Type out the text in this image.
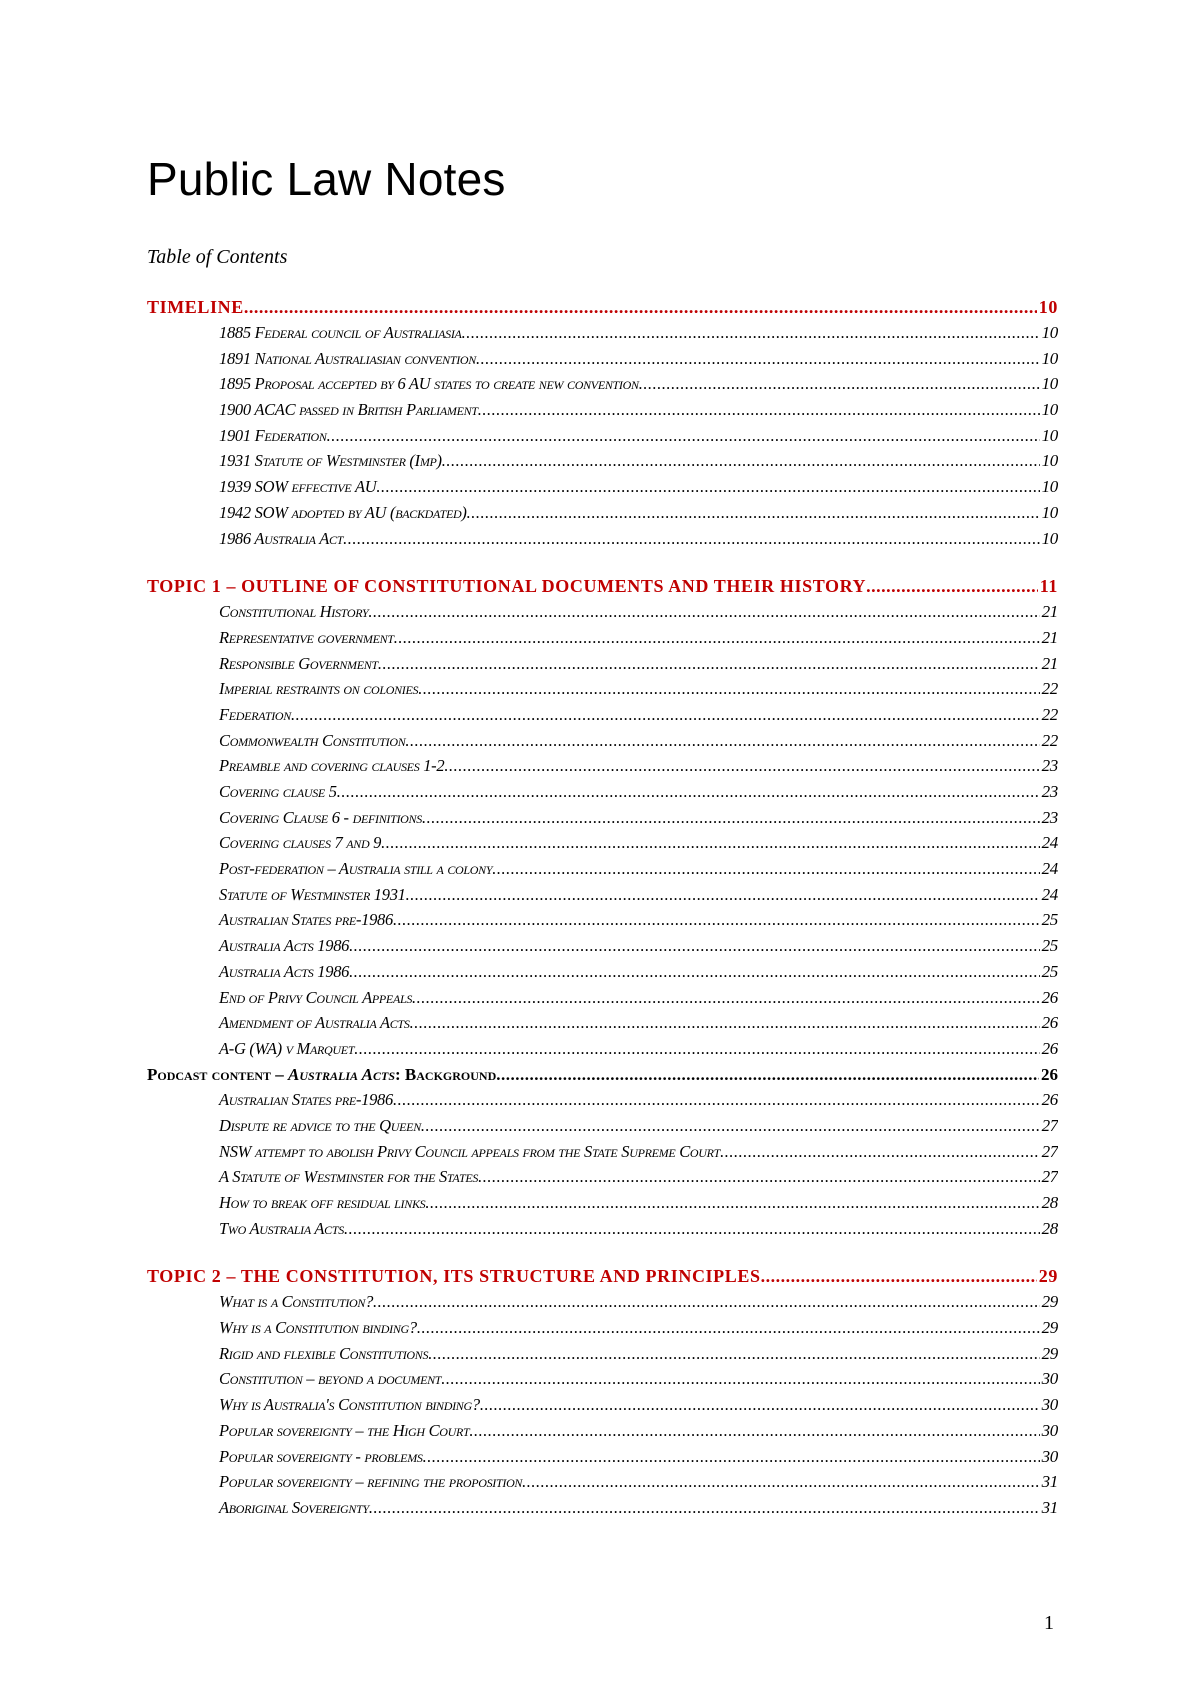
Public Law Notes
Table of Contents
TIMELINE .....	10
1885 Federal council of Australiasia .....	10
1891 National Australiasian convention .....	10
1895 Proposal accepted by 6 AU states to create new convention .....	10
1900 ACAC passed in British Parliament .....	10
1901 Federation .....	10
1931 Statute of Westminster (Imp) .....	10
1939 SOW effective AU .....	10
1942 SOW adopted by AU (backdated) .....	10
1986 Australia Act .....	10
TOPIC 1 – OUTLINE OF CONSTITUTIONAL DOCUMENTS AND THEIR HISTORY .....	11
Constitutional History .....	21
Representative government .....	21
Responsible Government .....	21
Imperial restraints on colonies .....	22
Federation .....	22
Commonwealth Constitution .....	22
Preamble and covering clauses 1-2 .....	23
Covering clause 5 .....	23
Covering Clause 6 - definitions .....	23
Covering clauses 7 and 9 .....	24
Post-federation – Australia still a colony .....	24
Statute of Westminster 1931 .....	24
Australian States pre-1986 .....	25
Australia Acts 1986 .....	25
Australia Acts 1986 .....	25
End of Privy Council Appeals .....	26
Amendment of Australia Acts .....	26
A-G (WA) v Marquet .....	26
Podcast content – Australia Acts: Background .....	26
Australian States pre-1986 .....	26
Dispute re advice to the Queen .....	27
NSW attempt to abolish Privy Council appeals from the State Supreme Court .....	27
A Statute of Westminster for the States .....	27
How to break off residual links .....	28
Two Australia Acts .....	28
TOPIC 2 – THE CONSTITUTION, ITS STRUCTURE AND PRINCIPLES .....	29
What is a Constitution? .....	29
Why is a Constitution binding? .....	29
Rigid and flexible Constitutions .....	29
Constitution – beyond a document .....	30
Why is Australia's Constitution binding? .....	30
Popular sovereignty – the High Court .....	30
Popular sovereignty - problems .....	30
Popular sovereignty – refining the proposition .....	31
Aboriginal Sovereignty .....	31
1
